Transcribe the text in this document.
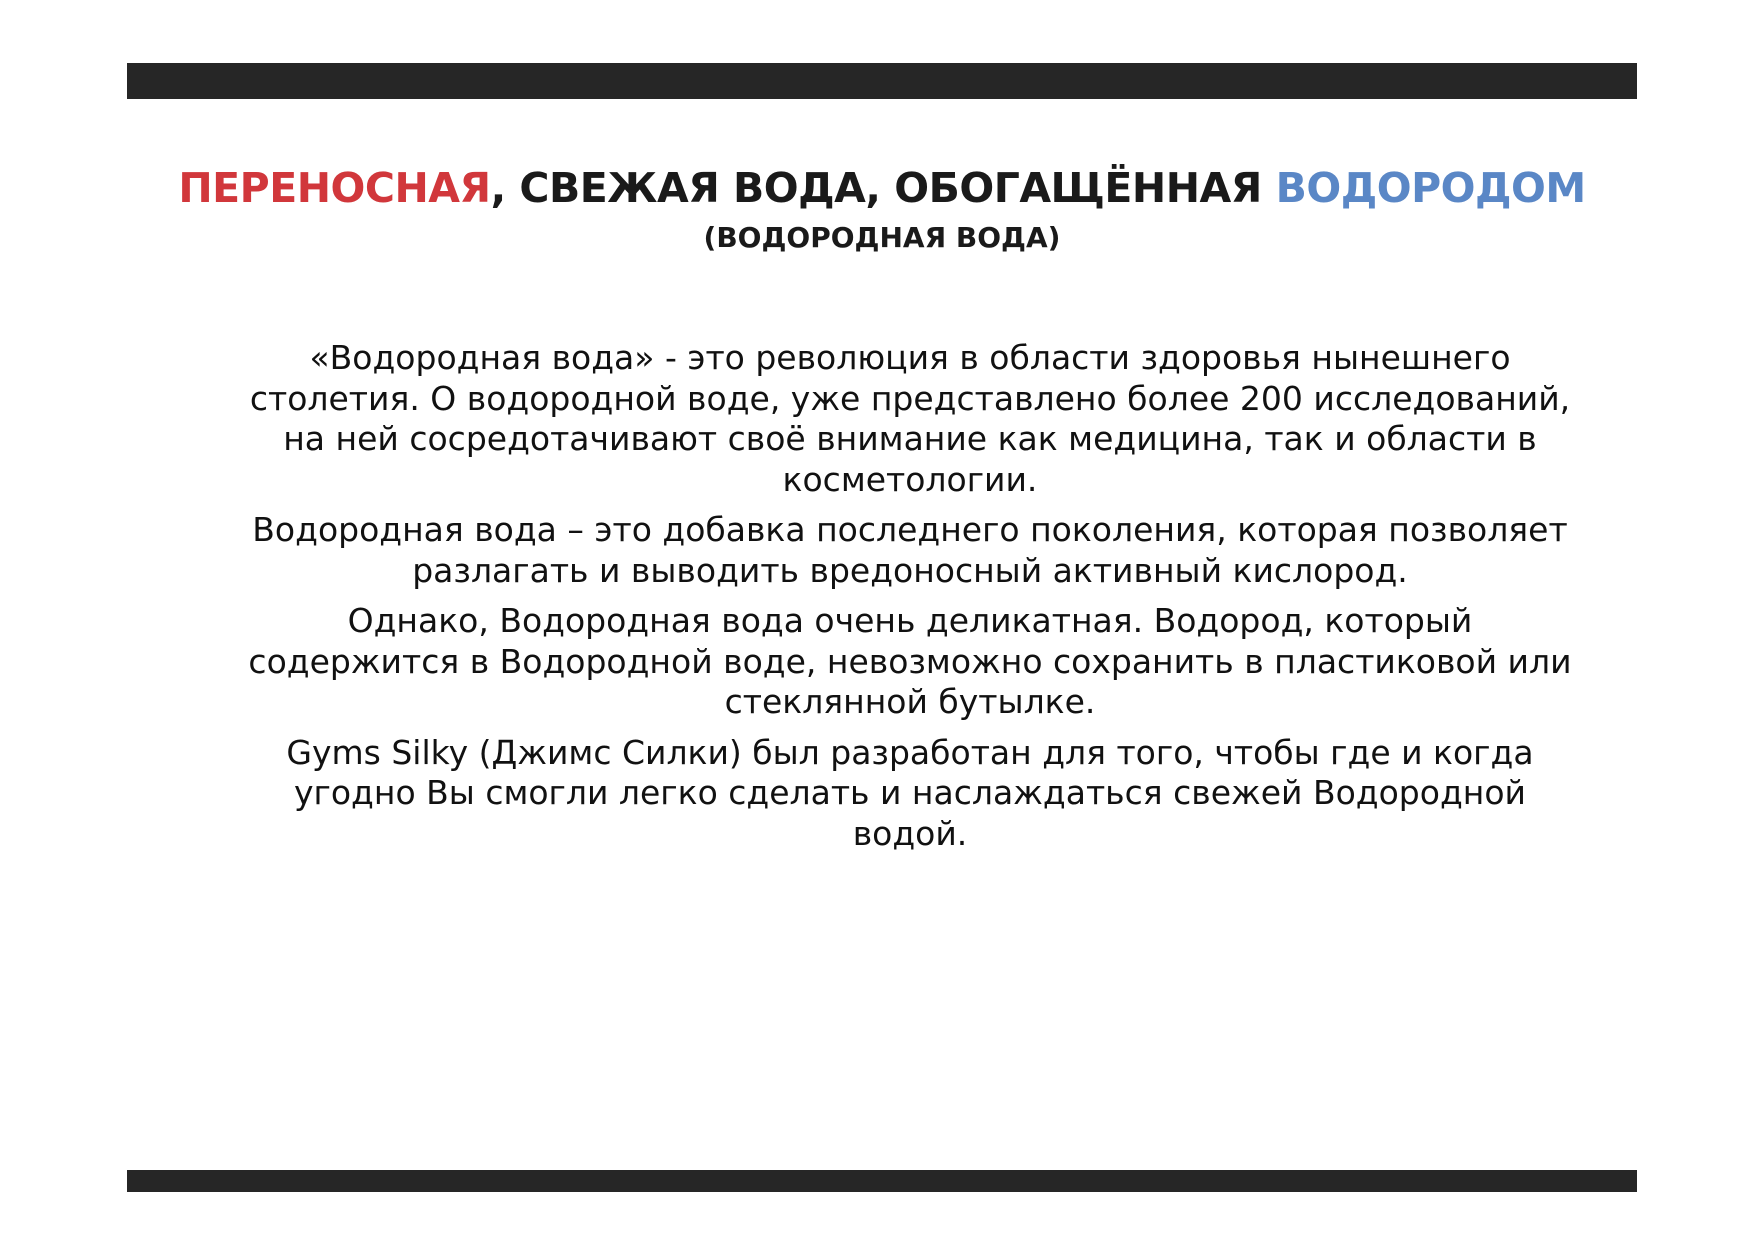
ПЕРЕНОСНАЯ, СВЕЖАЯ ВОДА, ОБОГАЩЁННАЯ ВОДОРОДОМ
(ВОДОРОДНАЯ ВОДА)

«Водородная вода» - это революция в области здоровья нынешнего столетия. О водородной воде, уже представлено более 200 исследований, на ней сосредотачивают своё внимание как медицина, так и области в косметологии.

Водородная вода – это добавка последнего поколения, которая позволяет разлагать и выводить вредоносный активный кислород.

Однако, Водородная вода очень деликатная. Водород, который содержится в Водородной воде, невозможно сохранить в пластиковой или стеклянной бутылке.

Gyms Silky (Джимс Силки) был разработан для того, чтобы где и когда угодно Вы смогли легко сделать и наслаждаться свежей Водородной водой.
